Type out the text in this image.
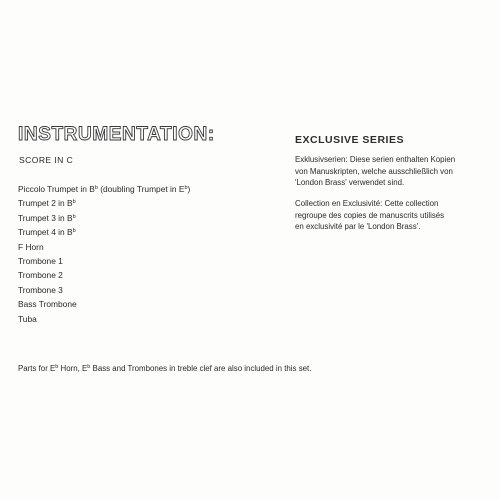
INSTRUMENTATION:

SCORE IN C

Piccolo Trumpet in $B^b$ (doubling Trumpet in $E^b$)
Trumpet 2 in $B^b$
Trumpet 3 in $B^b$
Trumpet 4 in $B^b$
F Horn
Trombone 1
Trombone 2
Trombone 3
Bass Trombone
Tuba
EXCLUSIVE SERIES

Exklusivserien: Diese serien enthalten Kopien
von Manuskripten, welche ausschließlich von
'London Brass' verwendet sind.

Collection en Exclusivité: Cette collection
regroupe des copies de manuscrits utilisés
en exclusivité par le 'London Brass'.

Parts for $E^b$ Horn, $E^b$ Bass and Trombones in treble clef are also included in this set.
